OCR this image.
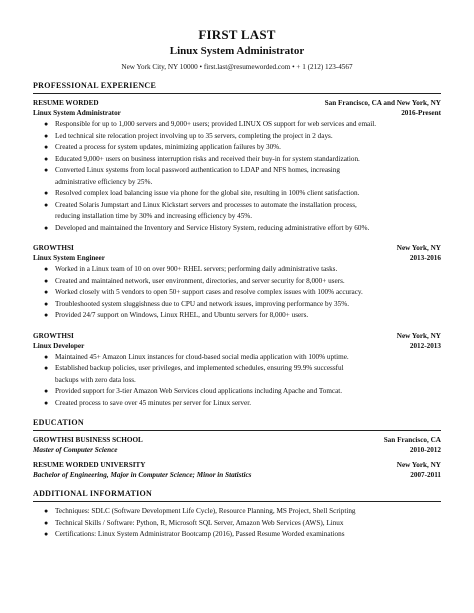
FIRST LAST
Linux System Administrator
New York City, NY 10000 • first.last@resumeworded.com • + 1 (212) 123-4567
PROFESSIONAL EXPERIENCE
RESUME WORDED	San Francisco, CA and New York, NY
Linux System Administrator	2016-Present
● Responsible for up to 1,000 servers and 9,000+ users; provided LINUX OS support for web services and email.
● Led technical site relocation project involving up to 35 servers, completing the project in 2 days.
● Created a process for system updates, minimizing application failures by 30%.
● Educated 9,000+ users on business interruption risks and received their buy-in for system standardization.
● Converted Linux systems from local password authentication to LDAP and NFS homes, increasing
administrative efficiency by 25%.
● Resolved complex load balancing issue via phone for the global site, resulting in 100% client satisfaction.
● Created Solaris Jumpstart and Linux Kickstart servers and processes to automate the installation process,
reducing installation time by 30% and increasing efficiency by 45%.
● Developed and maintained the Inventory and Service History System, reducing administrative effort by 60%.
GROWTHSI	New York, NY
Linux System Engineer	2013-2016
● Worked in a Linux team of 10 on over 900+ RHEL servers; performing daily administrative tasks.
● Created and maintained network, user environment, directories, and server security for 8,000+ users.
● Worked closely with 5 vendors to open 50+ support cases and resolve complex issues with 100% accuracy.
● Troubleshooted system sluggishness due to CPU and network issues, improving performance by 35%.
● Provided 24/7 support on Windows, Linux RHEL, and Ubuntu servers for 8,000+ users.
GROWTHSI	New York, NY
Linux Developer	2012-2013
● Maintained 45+ Amazon Linux instances for cloud-based social media application with 100% uptime.
● Established backup policies, user privileges, and implemented schedules, ensuring 99.9% successful
backups with zero data loss.
● Provided support for 3-tier Amazon Web Services cloud applications including Apache and Tomcat.
● Created process to save over 45 minutes per server for Linux server.
EDUCATION
GROWTHSI BUSINESS SCHOOL	San Francisco, CA
Master of Computer Science	2010-2012
RESUME WORDED UNIVERSITY	New York, NY
Bachelor of Engineering, Major in Computer Science; Minor in Statistics	2007-2011
ADDITIONAL INFORMATION
● Techniques: SDLC (Software Development Life Cycle), Resource Planning, MS Project, Shell Scripting
● Technical Skills / Software: Python, R, Microsoft SQL Server, Amazon Web Services (AWS), Linux
● Certifications: Linux System Administrator Bootcamp (2016), Passed Resume Worded examinations
